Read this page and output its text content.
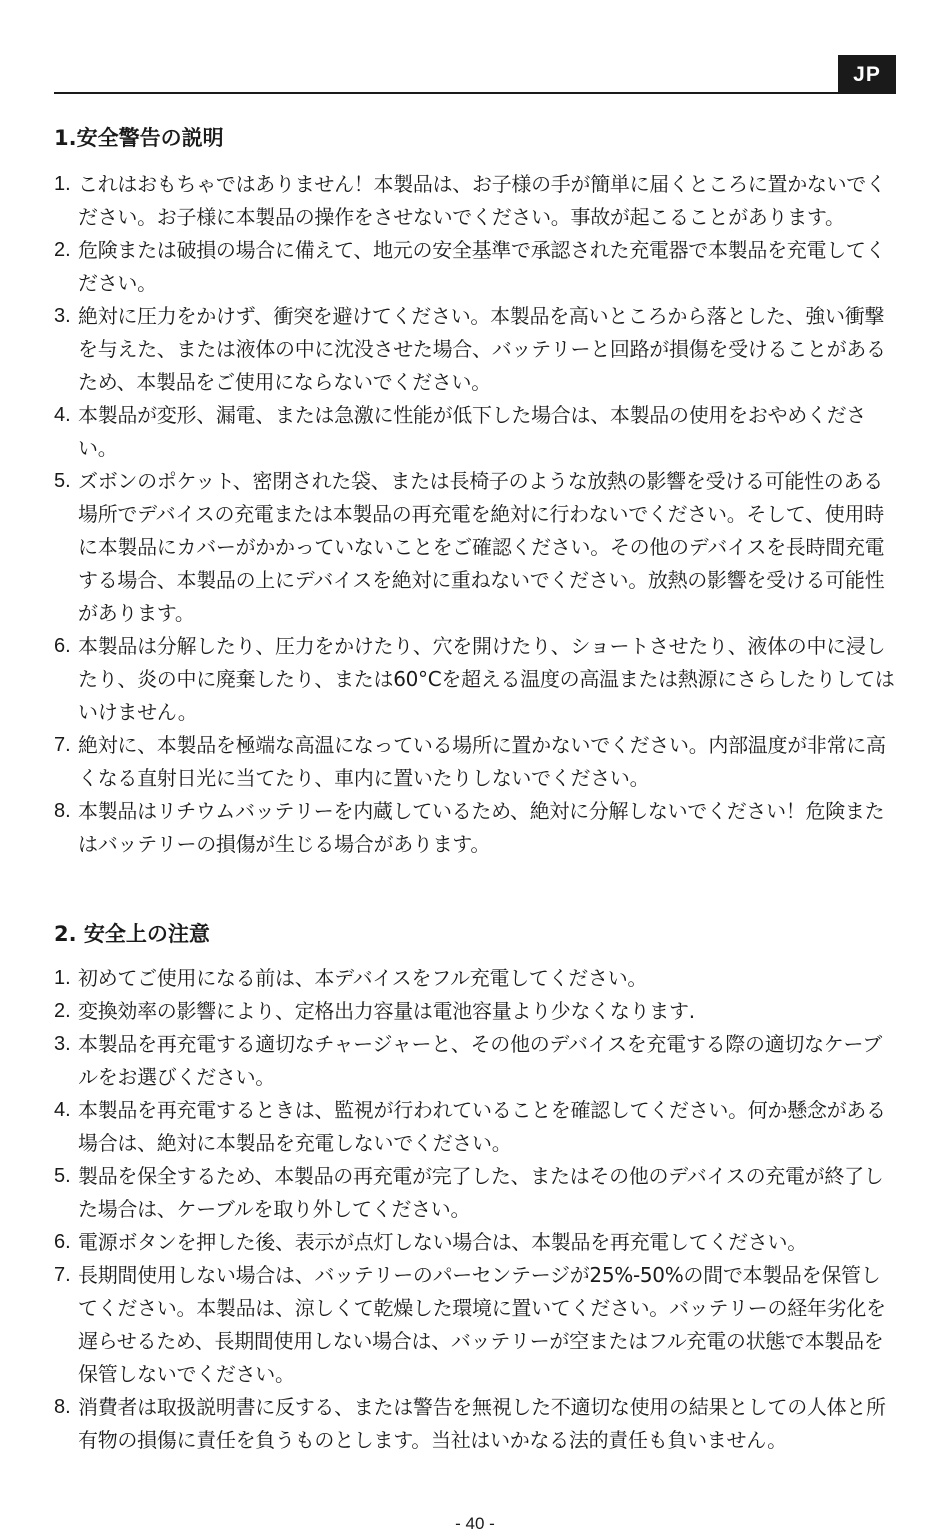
JP
1.安全警告の説明
1. これはおもちゃではありません！本製品は、お子様の手が簡単に届くところに置かないでください。お子様に本製品の操作をさせないでください。事故が起こることがあります。
2. 危険または破損の場合に備えて、地元の安全基準で承認された充電器で本製品を充電してください。
3. 絶対に圧力をかけず、衝突を避けてください。本製品を高いところから落とした、強い衝撃を与えた、または液体の中に沈没させた場合、バッテリーと回路が損傷を受けることがあるため、本製品をご使用にならないでください。
4. 本製品が変形、漏電、または急激に性能が低下した場合は、本製品の使用をおやめください。
5. ズボンのポケット、密閉された袋、または長椅子のような放熱の影響を受ける可能性のある場所でデバイスの充電または本製品の再充電を絶対に行わないでください。そして、使用時に本製品にカバーがかかっていないことをご確認ください。その他のデバイスを長時間充電する場合、本製品の上にデバイスを絶対に重ねないでください。放熱の影響を受ける可能性があります。
6. 本製品は分解したり、圧力をかけたり、穴を開けたり、ショートさせたり、液体の中に浸したり、炎の中に廃棄したり、または60°Cを超える温度の高温または熱源にさらしたりしてはいけません。
7. 絶対に、本製品を極端な高温になっている場所に置かないでください。内部温度が非常に高くなる直射日光に当てたり、車内に置いたりしないでください。
8. 本製品はリチウムバッテリーを内蔵しているため、絶対に分解しないでください！危険またはバッテリーの損傷が生じる場合があります。
2. 安全上の注意
1. 初めてご使用になる前は、本デバイスをフル充電してください。
2. 変換効率の影響により、定格出力容量は電池容量より少なくなります.
3. 本製品を再充電する適切なチャージャーと、その他のデバイスを充電する際の適切なケーブルをお選びください。
4. 本製品を再充電するときは、監視が行われていることを確認してください。何か懸念がある場合は、絶対に本製品を充電しないでください。
5. 製品を保全するため、本製品の再充電が完了した、またはその他のデバイスの充電が終了した場合は、ケーブルを取り外してください。
6. 電源ボタンを押した後、表示が点灯しない場合は、本製品を再充電してください。
7. 長期間使用しない場合は、バッテリーのパーセンテージが25%-50%の間で本製品を保管してください。本製品は、涼しくて乾燥した環境に置いてください。バッテリーの経年劣化を遅らせるため、長期間使用しない場合は、バッテリーが空またはフル充電の状態で本製品を保管しないでください。
8. 消費者は取扱説明書に反する、または警告を無視した不適切な使用の結果としての人体と所有物の損傷に責任を負うものとします。当社はいかなる法的責任も負いません。
- 40 -
